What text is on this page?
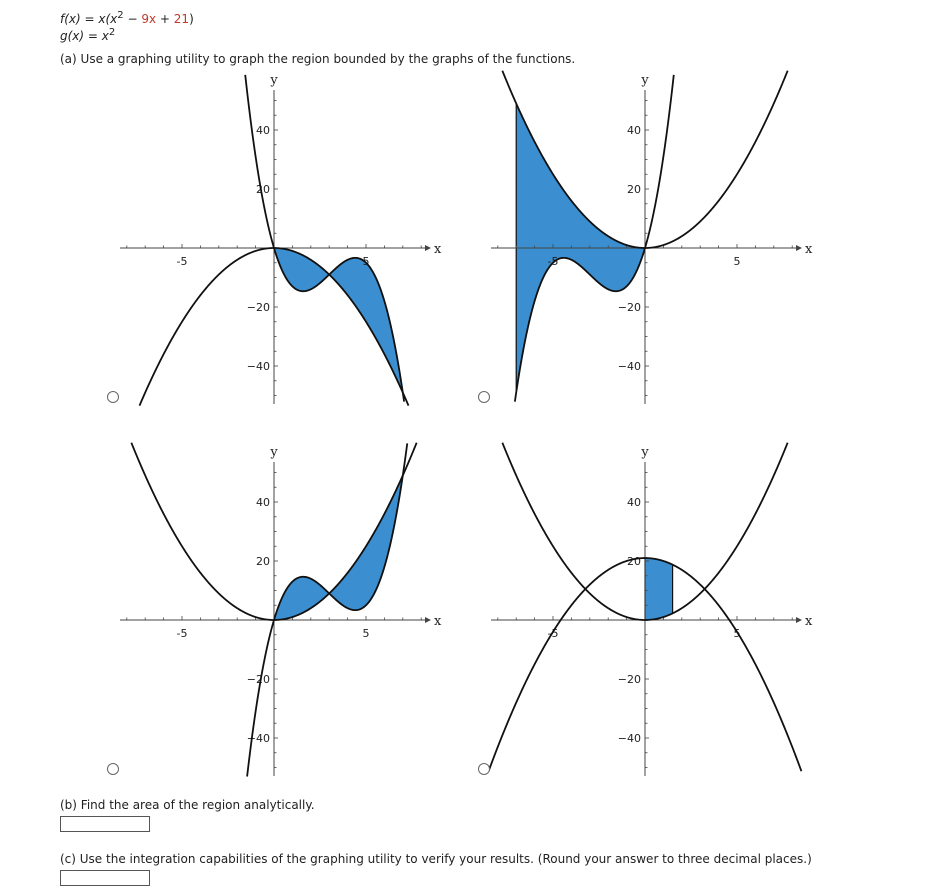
$f(x) = x(x^2 - 9x + 21)$
$g(x) = x^2$
(a) Use a graphing utility to graph the region bounded by the graphs of the functions.
-5	5
40
20
−20
−40
x
y
-5	5
40
20
−20
−40
x
y
-5	5
40
20
−20
−40
x
y
-5	5
40
20
−20
−40
x
y
(b) Find the area of the region analytically.
(c) Use the integration capabilities of the graphing utility to verify your results. (Round your answer to three decimal places.)
